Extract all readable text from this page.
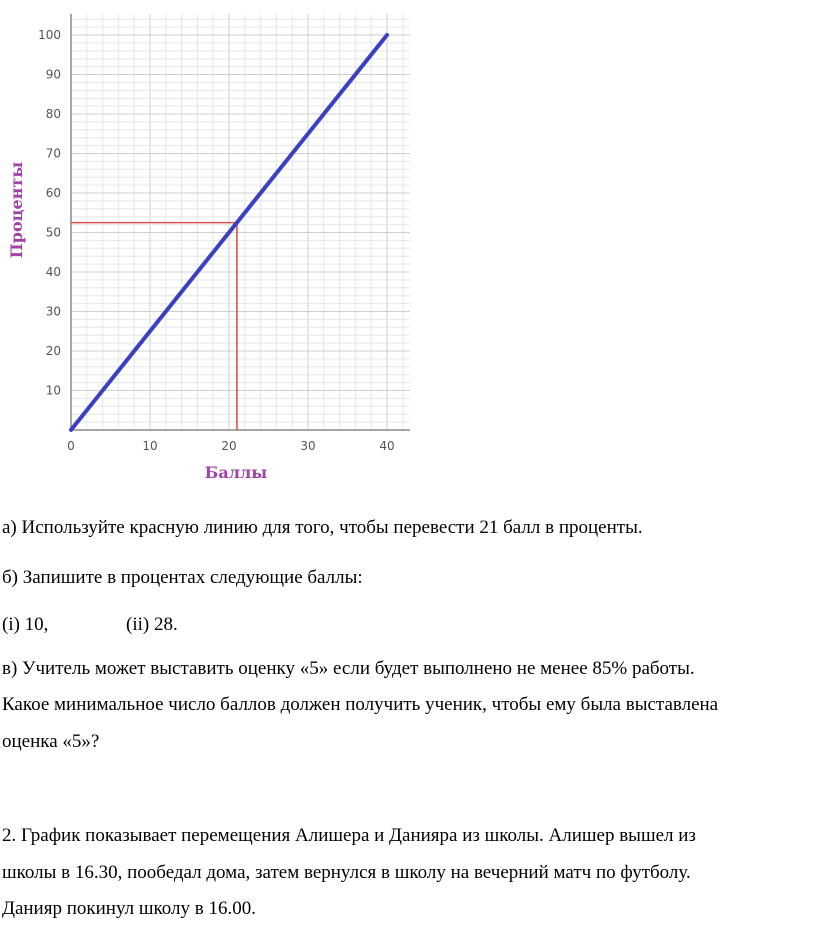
10
20
30
40
50
60
70
80
90
100
0	10	20	30	40
Баллы
Проценты
а) Используйте красную линию для того, чтобы перевести 21 балл в проценты.
б) Запишите в процентах следующие баллы:
(i) 10,	(ii) 28.
в) Учитель может выставить оценку «5» если будет выполнено не менее 85% работы.
Какое минимальное число баллов должен получить ученик, чтобы ему была выставлена
оценка «5»?
2. График показывает перемещения Алишера и Данияра из школы. Алишер вышел из
школы в 16.30, пообедал дома, затем вернулся в школу на вечерний матч по футболу.
Данияр покинул школу в 16.00.
